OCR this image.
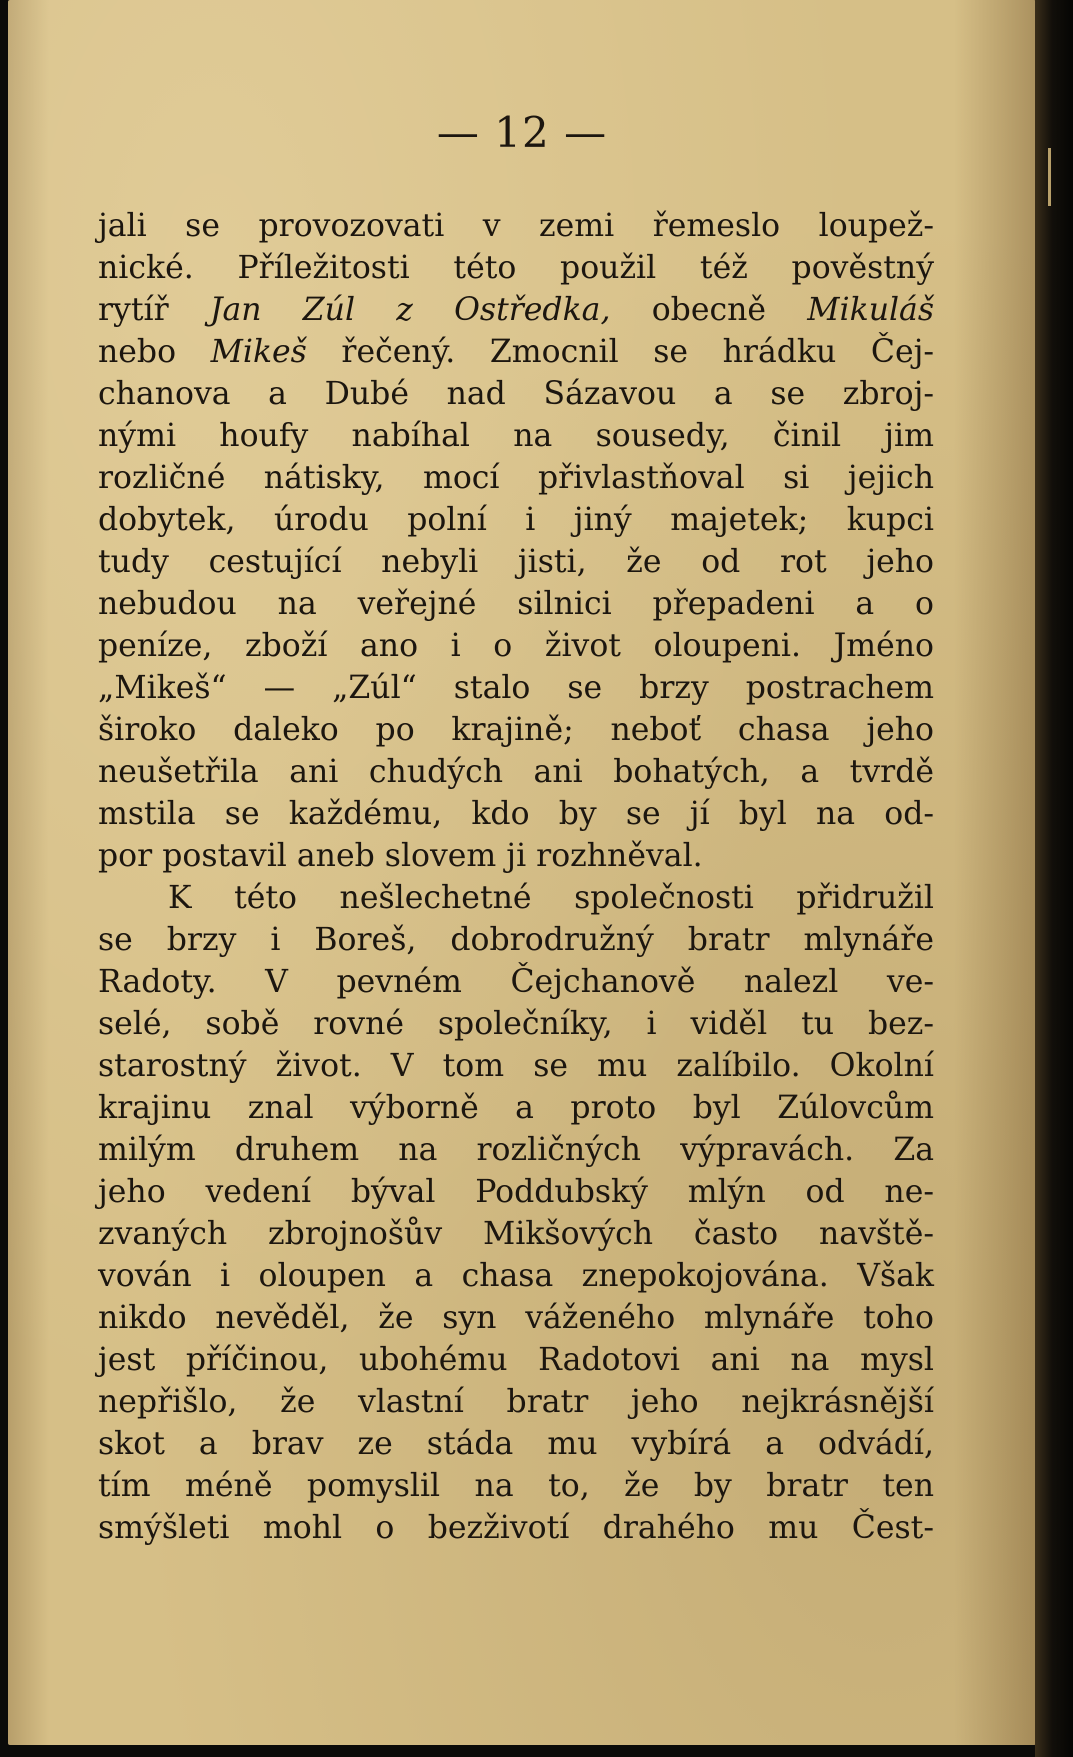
— 12 —
jali se provozovati v zemi řemeslo loupež-
nické. Příležitosti této použil též pověstný
rytíř Jan Zúl z Ostředka, obecně Mikuláš
nebo Mikeš řečený. Zmocnil se hrádku Čej-
chanova a Dubé nad Sázavou a se zbroj-
nými houfy nabíhal na sousedy, činil jim
rozličné nátisky, mocí přivlastňoval si jejich
dobytek, úrodu polní i jiný majetek; kupci
tudy cestující nebyli jisti, že od rot jeho
nebudou na veřejné silnici přepadeni a o
peníze, zboží ano i o život oloupeni. Jméno
„Mikeš“ — „Zúl“ stalo se brzy postrachem
široko daleko po krajině; neboť chasa jeho
neušetřila ani chudých ani bohatých, a tvrdě
mstila se každému, kdo by se jí byl na od-
por postavil aneb slovem ji rozhněval.
K této nešlechetné společnosti přidružil
se brzy i Boreš, dobrodružný bratr mlynáře
Radoty. V pevném Čejchanově nalezl ve-
selé, sobě rovné společníky, i viděl tu bez-
starostný život. V tom se mu zalíbilo. Okolní
krajinu znal výborně a proto byl Zúlovcům
milým druhem na rozličných výpravách. Za
jeho vedení býval Poddubský mlýn od ne-
zvaných zbrojnošův Mikšových často navště-
vován i oloupen a chasa znepokojována. Však
nikdo nevěděl, že syn váženého mlynáře toho
jest příčinou, ubohému Radotovi ani na mysl
nepřišlo, že vlastní bratr jeho nejkrásnější
skot a brav ze stáda mu vybírá a odvádí,
tím méně pomyslil na to, že by bratr ten
smýšleti mohl o bezživotí drahého mu Čest-
